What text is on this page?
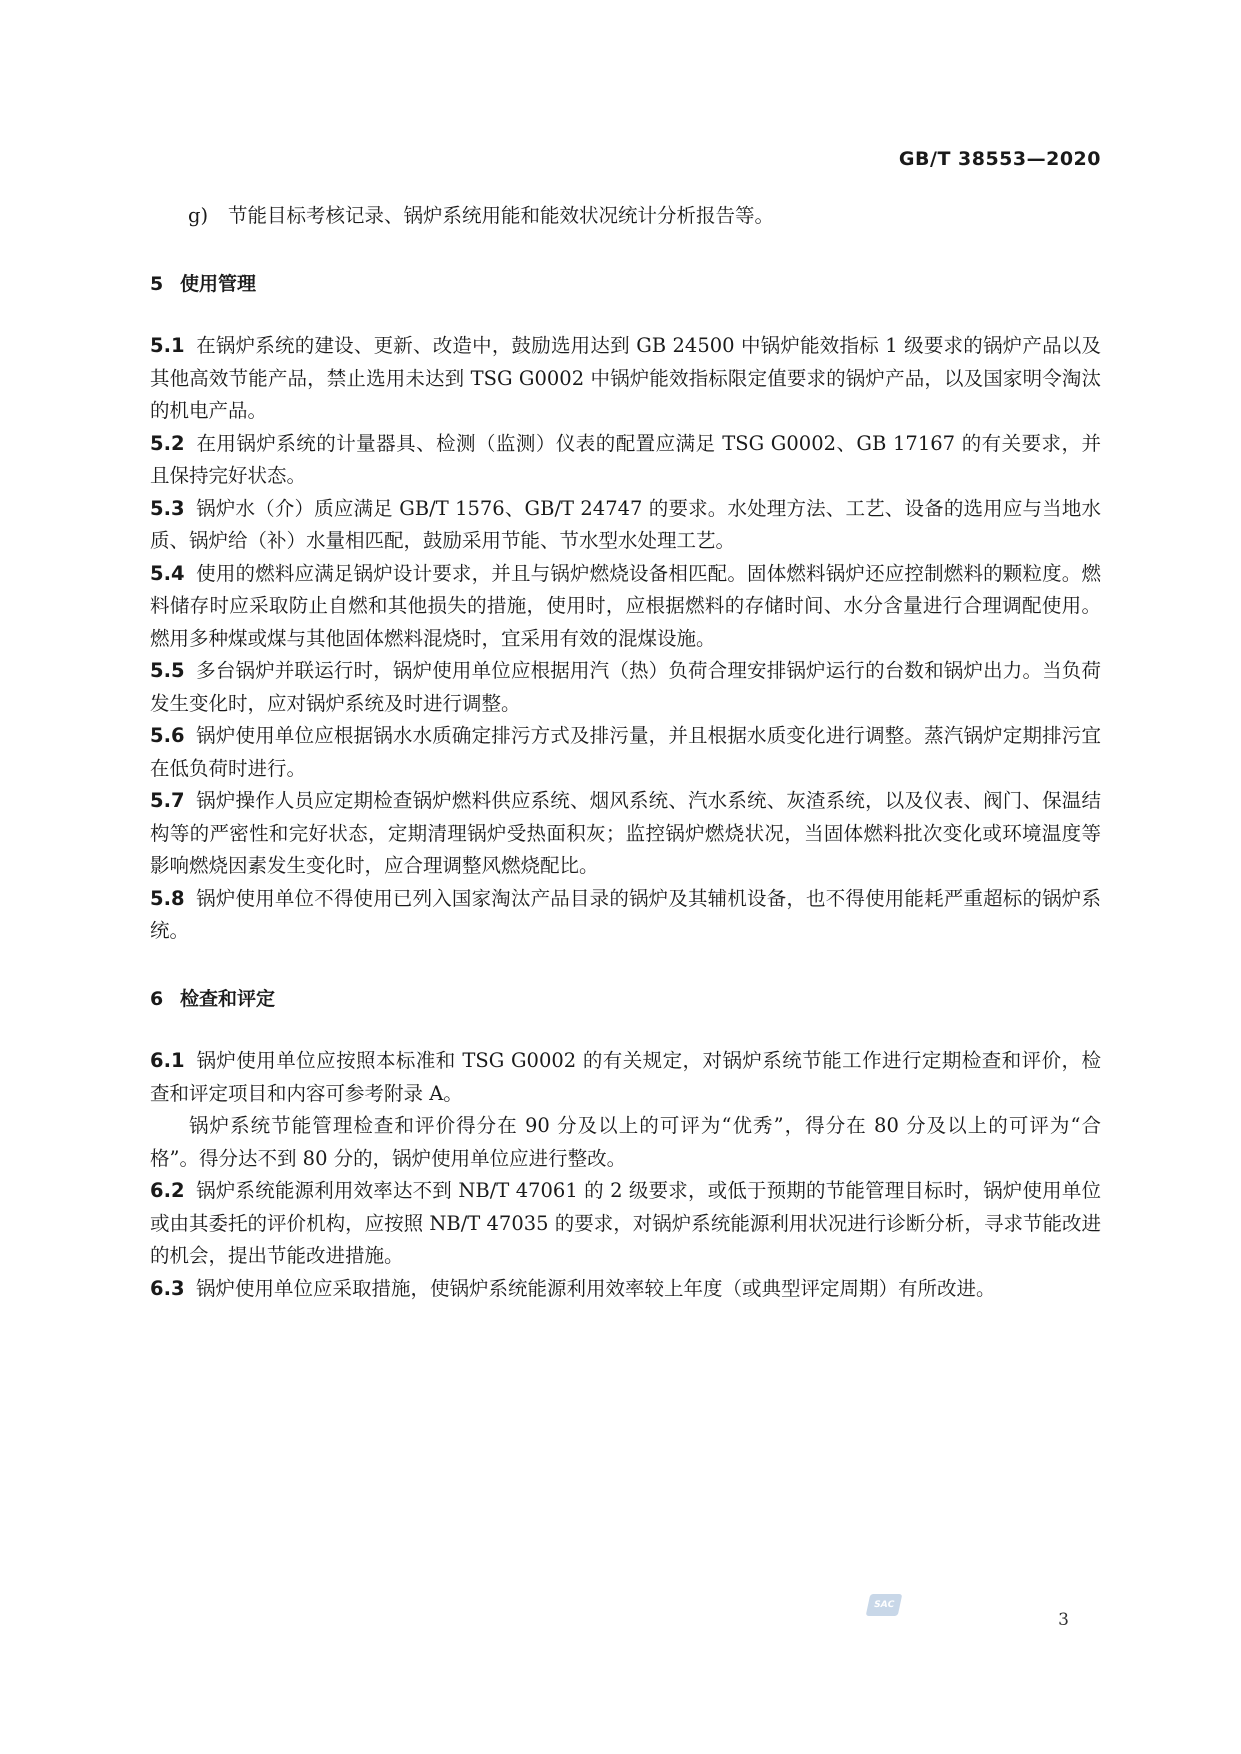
GB/T 38553—2020

g) 节能目标考核记录、锅炉系统用能和能效状况统计分析报告等。

5 使用管理

5.1 在锅炉系统的建设、更新、改造中，鼓励选用达到 GB 24500 中锅炉能效指标 1 级要求的锅炉产品以及其他高效节能产品，禁止选用未达到 TSG G0002 中锅炉能效指标限定值要求的锅炉产品，以及国家明令淘汰的机电产品。

5.2 在用锅炉系统的计量器具、检测（监测）仪表的配置应满足 TSG G0002、GB 17167 的有关要求，并且保持完好状态。

5.3 锅炉水（介）质应满足 GB/T 1576、GB/T 24747 的要求。水处理方法、工艺、设备的选用应与当地水质、锅炉给（补）水量相匹配，鼓励采用节能、节水型水处理工艺。

5.4 使用的燃料应满足锅炉设计要求，并且与锅炉燃烧设备相匹配。固体燃料锅炉还应控制燃料的颗粒度。燃料储存时应采取防止自燃和其他损失的措施，使用时，应根据燃料的存储时间、水分含量进行合理调配使用。燃用多种煤或煤与其他固体燃料混烧时，宜采用有效的混煤设施。

5.5 多台锅炉并联运行时，锅炉使用单位应根据用汽（热）负荷合理安排锅炉运行的台数和锅炉出力。当负荷发生变化时，应对锅炉系统及时进行调整。

5.6 锅炉使用单位应根据锅水水质确定排污方式及排污量，并且根据水质变化进行调整。蒸汽锅炉定期排污宜在低负荷时进行。

5.7 锅炉操作人员应定期检查锅炉燃料供应系统、烟风系统、汽水系统、灰渣系统，以及仪表、阀门、保温结构等的严密性和完好状态，定期清理锅炉受热面积灰；监控锅炉燃烧状况，当固体燃料批次变化或环境温度等影响燃烧因素发生变化时，应合理调整风燃烧配比。

5.8 锅炉使用单位不得使用已列入国家淘汰产品目录的锅炉及其辅机设备，也不得使用能耗严重超标的锅炉系统。

6 检查和评定

6.1 锅炉使用单位应按照本标准和 TSG G0002 的有关规定，对锅炉系统节能工作进行定期检查和评价，检查和评定项目和内容可参考附录 A。

锅炉系统节能管理检查和评价得分在 90 分及以上的可评为“优秀”，得分在 80 分及以上的可评为“合格”。得分达不到 80 分的，锅炉使用单位应进行整改。

6.2 锅炉系统能源利用效率达不到 NB/T 47061 的 2 级要求，或低于预期的节能管理目标时，锅炉使用单位或由其委托的评价机构，应按照 NB/T 47035 的要求，对锅炉系统能源利用状况进行诊断分析，寻求节能改进的机会，提出节能改进措施。

6.3 锅炉使用单位应采取措施，使锅炉系统能源利用效率较上年度（或典型评定周期）有所改进。

SAC
3
